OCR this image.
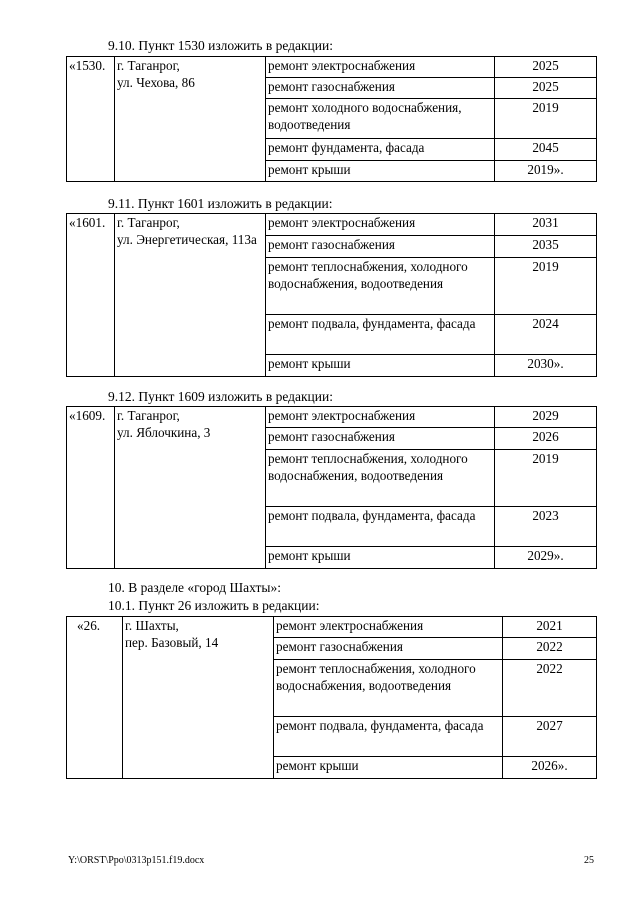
9.10. Пункт 1530 изложить в редакции:
«1530.	г. Таганрог,
ул. Чехова, 86	ремонт электроснабжения	2025
		ремонт газоснабжения	2025
		ремонт холодного водоснабжения, водоотведения	2019
		ремонт фундамента, фасада	2045
		ремонт крыши	2019».
9.11. Пункт 1601 изложить в редакции:
«1601.	г. Таганрог,
ул. Энергетическая, 113а	ремонт электроснабжения	2031
		ремонт газоснабжения	2035
		ремонт теплоснабжения, холодного водоснабжения, водоотведения	2019
		ремонт подвала, фундамента, фасада	2024
		ремонт крыши	2030».
9.12. Пункт 1609 изложить в редакции:
«1609.	г. Таганрог,
ул. Яблочкина, 3	ремонт электроснабжения	2029
		ремонт газоснабжения	2026
		ремонт теплоснабжения, холодного водоснабжения, водоотведения	2019
		ремонт подвала, фундамента, фасада	2023
		ремонт крыши	2029».
10. В разделе «город Шахты»:
10.1. Пункт 26 изложить в редакции:
«26.	г. Шахты,
пер. Базовый, 14	ремонт электроснабжения	2021
		ремонт газоснабжения	2022
		ремонт теплоснабжения, холодного водоснабжения, водоотведения	2022
		ремонт подвала, фундамента, фасада	2027
		ремонт крыши	2026».
Y:\ORST\Ppo\0313p151.f19.docx	25
